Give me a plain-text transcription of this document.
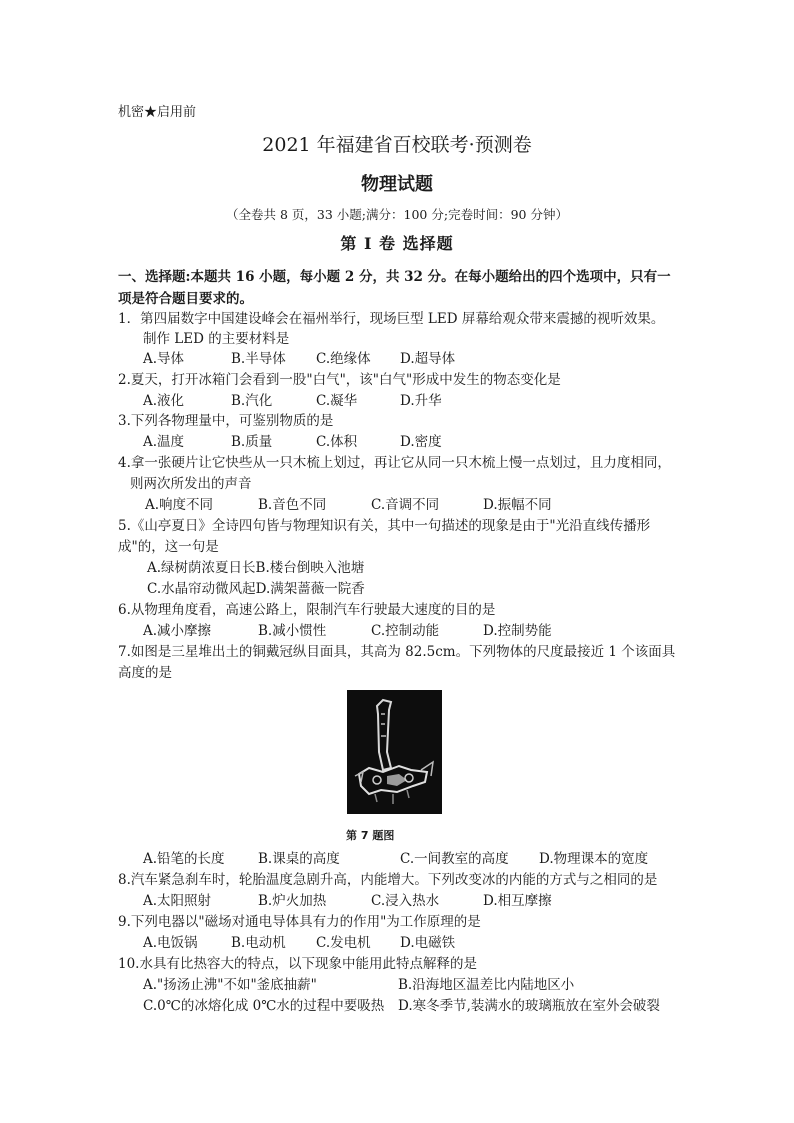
机密★启用前
2021 年福建省百校联考·预测卷
物理试题
（全卷共 8 页，33 小题;满分：100 分;完卷时间：90 分钟）
第 I 卷 选择题
一、选择题:本题共 16 小题，每小题 2 分，共 32 分。在每小题给出的四个选项中，只有一
项是符合题目要求的。
1．第四届数字中国建设峰会在福州举行，现场巨型 LED 屏幕给观众带来震撼的视听效果。
制作 LED 的主要材料是
A.导体	B.半导体 C.绝缘体 D.超导体
2.夏天，打开冰箱门会看到一股"白气"，该"白气"形成中发生的物态变化是
A.液化	B.汽化	C.凝华	D.升华
3.下列各物理量中，可鉴别物质的是
A.温度	B.质量	C.体积	D.密度
4.拿一张硬片让它快些从一只木梳上划过，再让它从同一只木梳上慢一点划过，且力度相同，
则两次所发出的声音
A.响度不同	B.音色不同	C.音调不同	D.振幅不同
5.《山亭夏日》全诗四句皆与物理知识有关，其中一句描述的现象是由于"光沿直线传播形
成"的，这一句是
A.绿树荫浓夏日长B.楼台倒映入池塘
C.水晶帘动微风起D.满架蔷薇一院香
6.从物理角度看，高速公路上，限制汽车行驶最大速度的目的是
A.减小摩擦	B.减小惯性	C.控制动能	D.控制势能
7.如图是三星堆出土的铜戴冠纵目面具，其高为 82.5cm。下列物体的尺度最接近 1 个该面具
高度的是
第 7 题图
A.铅笔的长度 B.课桌的高度	C.一间教室的高度 D.物理课本的宽度
8.汽车紧急刹车时，轮胎温度急剧升高，内能增大。下列改变冰的内能的方式与之相同的是
A.太阳照射	B.炉火加热	C.浸入热水	D.相互摩擦
9.下列电器以"磁场对通电导体具有力的作用"为工作原理的是
A.电饭锅 B.电动机 C.发电机 D.电磁铁
10.水具有比热容大的特点，以下现象中能用此特点解释的是
A."扬汤止沸"不如"釜底抽薪"	B.沿海地区温差比内陆地区小
C.0℃的冰熔化成 0℃水的过程中要吸热 D.寒冬季节,装满水的玻璃瓶放在室外会破裂
